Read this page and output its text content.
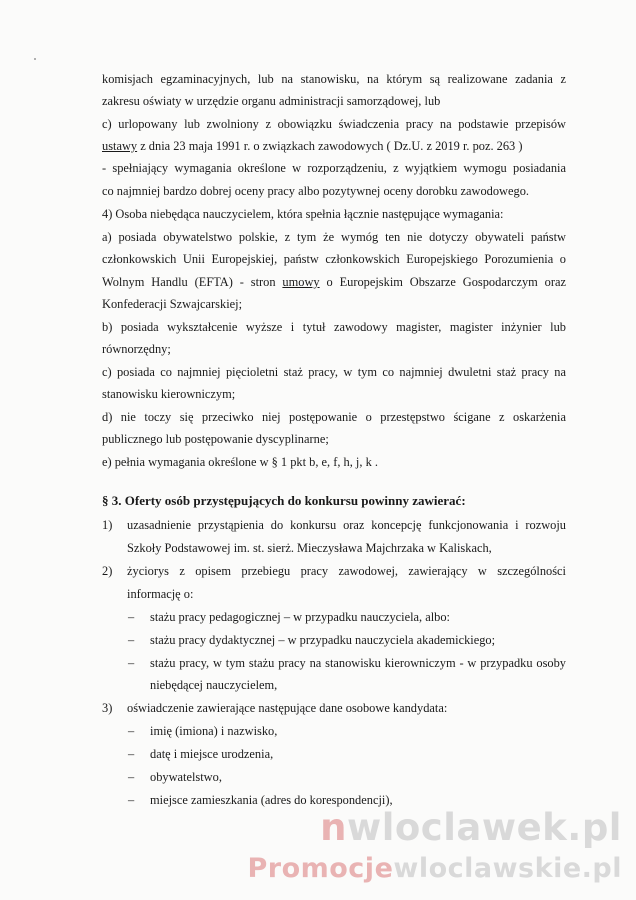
komisjach egzaminacyjnych, lub na stanowisku, na którym są realizowane zadania z
zakresu oświaty w urzędzie organu administracji samorządowej, lub
c) urlopowany lub zwolniony z obowiązku świadczenia pracy na podstawie przepisów
ustawy z dnia 23 maja 1991 r. o związkach zawodowych ( Dz.U. z 2019 r. poz. 263 )
- spełniający wymagania określone w rozporządzeniu, z wyjątkiem wymogu posiadania
co najmniej bardzo dobrej oceny pracy albo pozytywnej oceny dorobku zawodowego.
4) Osoba niebędąca nauczycielem, która spełnia łącznie następujące wymagania:
a) posiada obywatelstwo polskie, z tym że wymóg ten nie dotyczy obywateli państw
członkowskich Unii Europejskiej, państw członkowskich Europejskiego Porozumienia o
Wolnym Handlu (EFTA) - stron umowy o Europejskim Obszarze Gospodarczym oraz
Konfederacji Szwajcarskiej;
b) posiada wykształcenie wyższe i tytuł zawodowy magister, magister inżynier lub
równorzędny;
c) posiada co najmniej pięcioletni staż pracy, w tym co najmniej dwuletni staż pracy na
stanowisku kierowniczym;
d) nie toczy się przeciwko niej postępowanie o przestępstwo ścigane z oskarżenia
publicznego lub postępowanie dyscyplinarne;
e) pełnia wymagania określone w § 1 pkt b, e, f, h, j, k .
§ 3. Oferty osób przystępujących do konkursu powinny zawierać:
1) uzasadnienie przystąpienia do konkursu oraz koncepcję funkcjonowania i rozwoju
Szkoły Podstawowej im. st. sierż. Mieczysława Majchrzaka w Kaliskach,
2) życiorys z opisem przebiegu pracy zawodowej, zawierający w szczególności
informację o:
– stażu pracy pedagogicznej – w przypadku nauczyciela, albo:
– stażu pracy dydaktycznej – w przypadku nauczyciela akademickiego;
– stażu pracy, w tym stażu pracy na stanowisku kierowniczym - w przypadku osoby
niebędącej nauczycielem,
3) oświadczenie zawierające następujące dane osobowe kandydata:
– imię (imiona) i nazwisko,
– datę i miejsce urodzenia,
– obywatelstwo,
– miejsce zamieszkania (adres do korespondencji),
nwloclawek.pl
Promocjewloclawskie.pl
